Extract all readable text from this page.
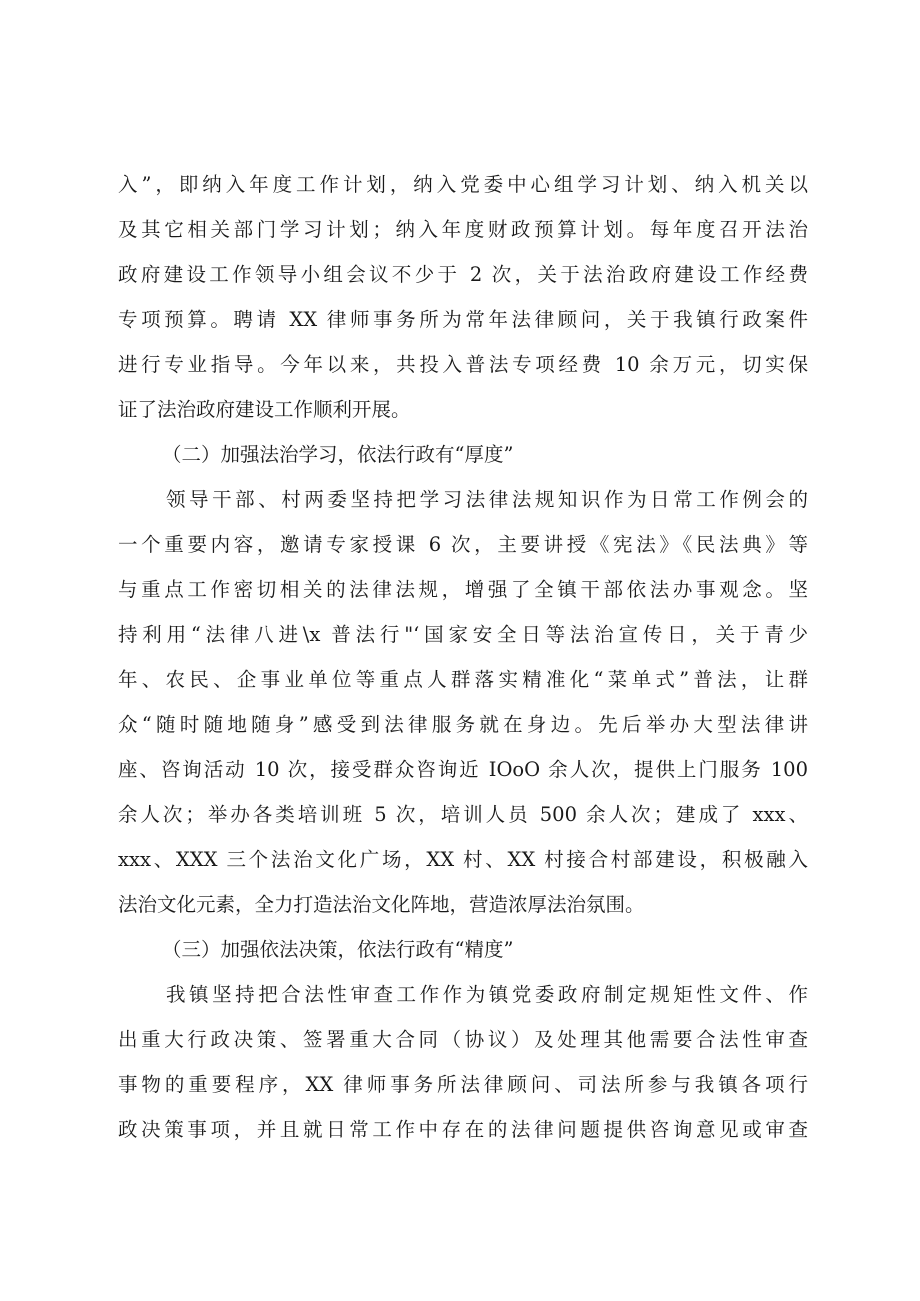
入”，即纳入年度工作计划，纳入党委中心组学习计划、纳入机关以
及其它相关部门学习计划；纳入年度财政预算计划。每年度召开法治
政府建设工作领导小组会议不少于 2 次，关于法治政府建设工作经费
专项预算。聘请 XX 律师事务所为常年法律顾问，关于我镇行政案件
进行专业指导。今年以来，共投入普法专项经费 10 余万元，切实保
证了法治政府建设工作顺利开展。
（二）加强法治学习，依法行政有“厚度”
领导干部、村两委坚持把学习法律法规知识作为日常工作例会的
一个重要内容，邀请专家授课 6 次，主要讲授《宪法》《民法典》等
与重点工作密切相关的法律法规，增强了全镇干部依法办事观念。坚
持利用“法律八进\x 普法行"‘国家安全日等法治宣传日，关于青少
年、农民、企事业单位等重点人群落实精准化“菜单式”普法，让群
众“随时随地随身”感受到法律服务就在身边。先后举办大型法律讲
座、咨询活动 10 次，接受群众咨询近 IOoO 余人次，提供上门服务 100
余人次；举办各类培训班 5 次，培训人员 500 余人次；建成了 xxx、
xxx、XXX 三个法治文化广场，XX 村、XX 村接合村部建设，积极融入
法治文化元素，全力打造法治文化阵地，营造浓厚法治氛围。
（三）加强依法决策，依法行政有“精度”
我镇坚持把合法性审查工作作为镇党委政府制定规矩性文件、作
出重大行政决策、签署重大合同（协议）及处理其他需要合法性审查
事物的重要程序，XX 律师事务所法律顾问、司法所参与我镇各项行
政决策事项，并且就日常工作中存在的法律问题提供咨询意见或审查
